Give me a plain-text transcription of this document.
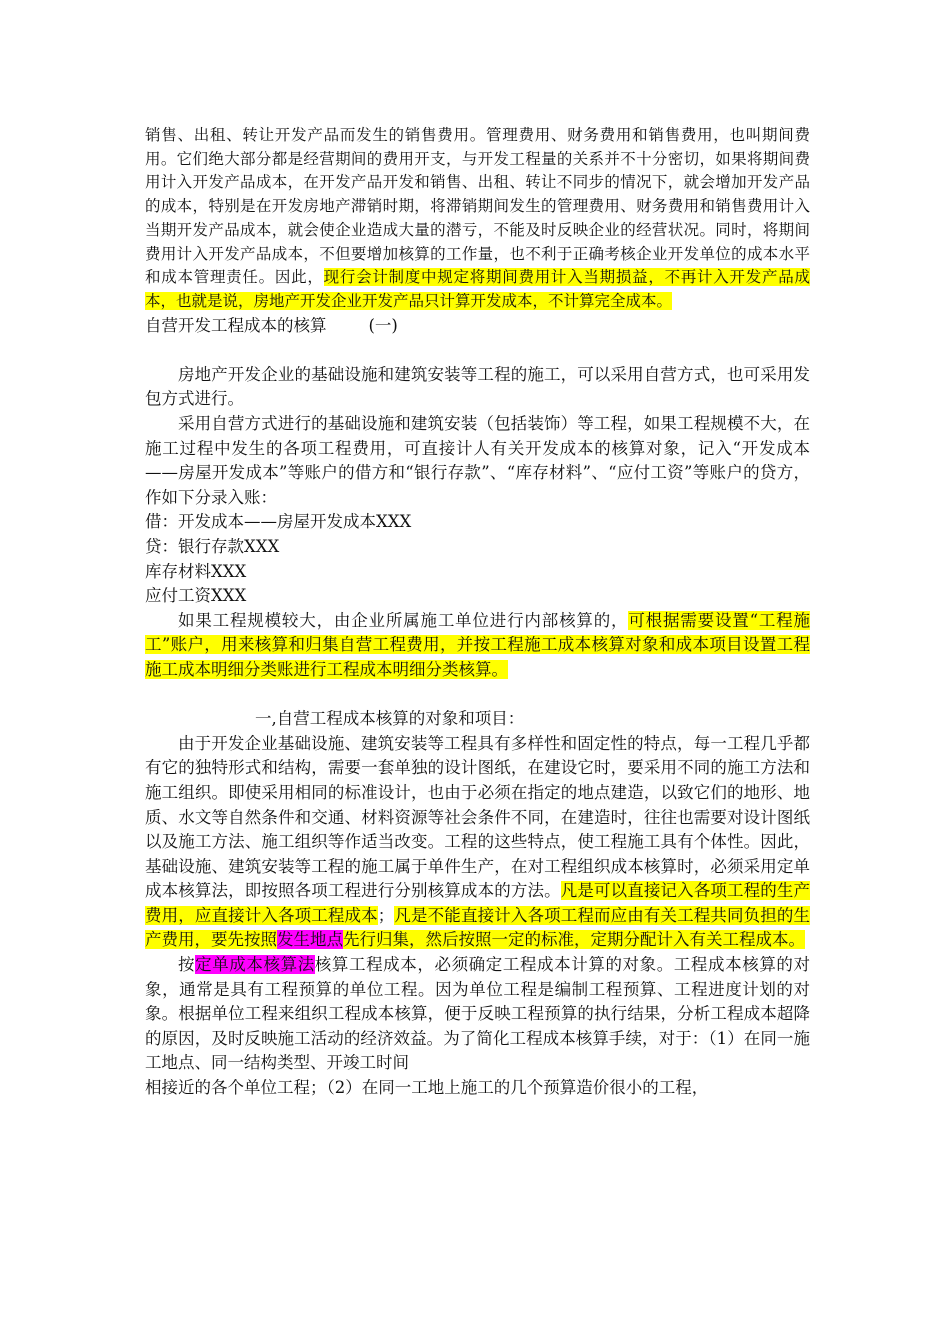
销售、出租、转让开发产品而发生的销售费用。管理费用、财务费用和销售费用，也叫期间费用。它们绝大部分都是经营期间的费用开支，与开发工程量的关系并不十分密切，如果将期间费用计入开发产品成本，在开发产品开发和销售、出租、转让不同步的情况下，就会增加开发产品的成本，特别是在开发房地产滞销时期，将滞销期间发生的管理费用、财务费用和销售费用计入当期开发产品成本，就会使企业造成大量的潜亏，不能及时反映企业的经营状况。同时，将期间费用计入开发产品成本，不但要增加核算的工作量，也不利于正确考核企业开发单位的成本水平和成本管理责任。因此，现行会计制度中规定将期间费用计入当期损益，不再计入开发产品成本，也就是说，房地产开发企业开发产品只计算开发成本，不计算完全成本。

自营开发工程成本的核算        (一)

房地产开发企业的基础设施和建筑安装等工程的施工，可以采用自营方式，也可采用发包方式进行。

采用自营方式进行的基础设施和建筑安装（包括装饰）等工程，如果工程规模不大，在施工过程中发生的各项工程费用，可直接计人有关开发成本的核算对象，记入“开发成本——房屋开发成本”等账户的借方和“银行存款”、“库存材料”、“应付工资”等账户的贷方，作如下分录入账：

借：开发成本——房屋开发成本XXX

贷：银行存款XXX

库存材料XXX

应付工资XXX

如果工程规模较大，由企业所属施工单位进行内部核算的，可根据需要设置“工程施工”账户，用来核算和归集自营工程费用，并按工程施工成本核算对象和成本项目设置工程施工成本明细分类账进行工程成本明细分类核算。

一,自营工程成本核算的对象和项目：

由于开发企业基础设施、建筑安装等工程具有多样性和固定性的特点，每一工程几乎都有它的独特形式和结构，需要一套单独的设计图纸，在建设它时，要采用不同的施工方法和施工组织。即使采用相同的标准设计，也由于必须在指定的地点建造，以致它们的地形、地质、水文等自然条件和交通、材料资源等社会条件不同，在建造时，往往也需要对设计图纸以及施工方法、施工组织等作适当改变。工程的这些特点，使工程施工具有个体性。因此，基础设施、建筑安装等工程的施工属于单件生产，在对工程组织成本核算时，必须采用定单成本核算法，即按照各项工程进行分别核算成本的方法。凡是可以直接记入各项工程的生产费用，应直接计入各项工程成本；凡是不能直接计入各项工程而应由有关工程共同负担的生产费用，要先按照发生地点先行归集，然后按照一定的标准，定期分配计入有关工程成本。

按定单成本核算法核算工程成本，必须确定工程成本计算的对象。工程成本核算的对象，通常是具有工程预算的单位工程。因为单位工程是编制工程预算、工程进度计划的对象。根据单位工程来组织工程成本核算，便于反映工程预算的执行结果，分析工程成本超降的原因，及时反映施工活动的经济效益。为了简化工程成本核算手续，对于：（1）在同一施工地点、同一结构类型、开竣工时间

相接近的各个单位工程；（2）在同一工地上施工的几个预算造价很小的工程，
